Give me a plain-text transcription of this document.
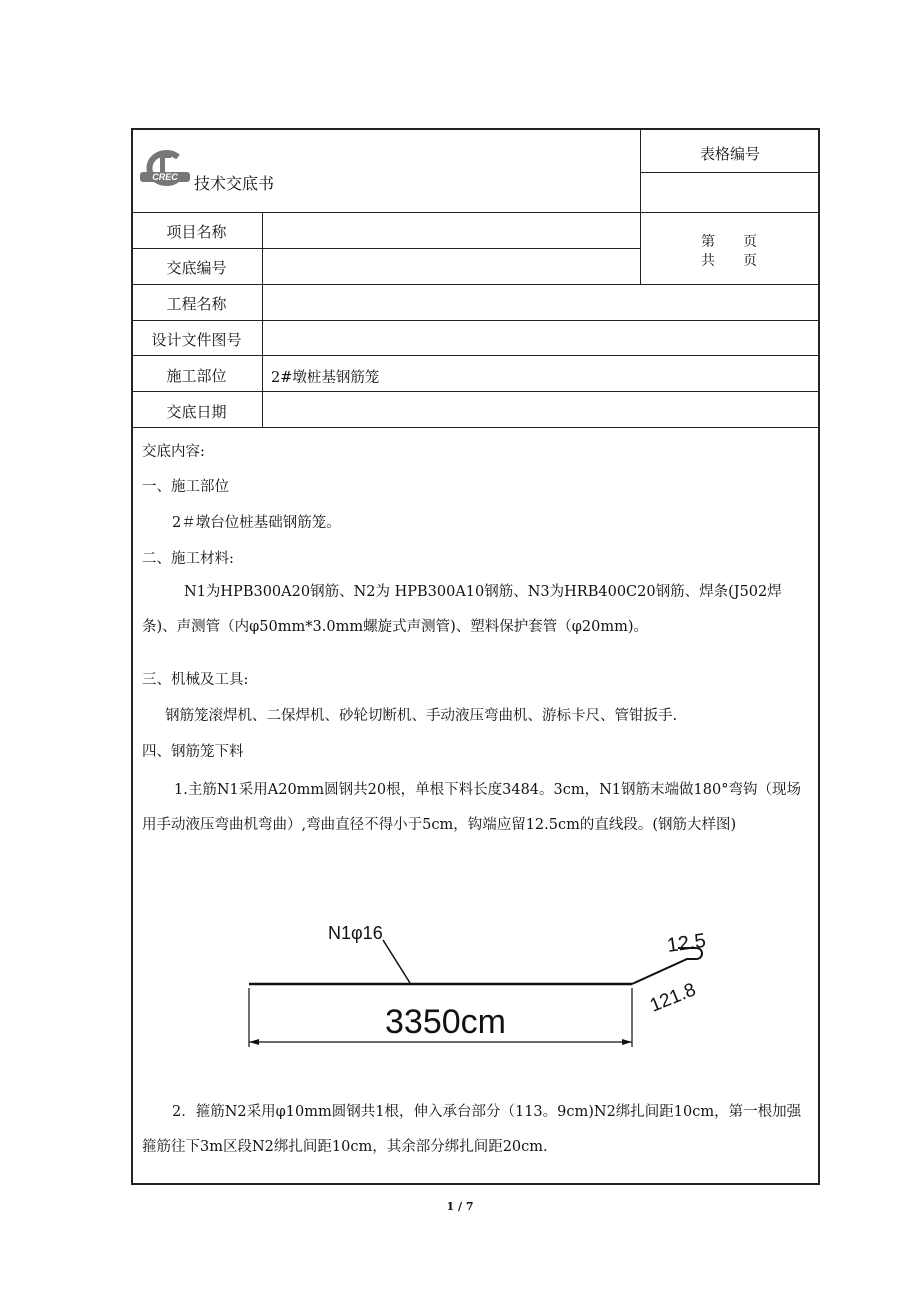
CREC 技术交底书
表格编号
第　　页
共　　页
项目名称
交底编号
工程名称
设计文件图号
施工部位	2#墩桩基钢筋笼
交底日期
交底内容:
一、施工部位
2＃墩台位桩基础钢筋笼。
二、施工材料:
N1为HPB300A20钢筋、N2为 HPB300A10钢筋、N3为HRB400C20钢筋、焊条(J502焊条)、声测管（内φ50mm*3.0mm螺旋式声测管)、塑料保护套管（φ20mm)。
三、机械及工具:
钢筋笼滚焊机、二保焊机、砂轮切断机、手动液压弯曲机、游标卡尺、管钳扳手.
四、钢筋笼下料
1.主筋N1采用A20mm圆钢共20根，单根下料长度3484。3cm，N1钢筋末端做180°弯钩（现场用手动液压弯曲机弯曲）,弯曲直径不得小于5cm，钩端应留12.5cm的直线段。(钢筋大样图)
N1φ16
3350cm
12.5
121.8
2．箍筋N2采用φ10mm圆钢共1根，伸入承台部分（113。9cm)N2绑扎间距10cm，第一根加强箍筋往下3m区段N2绑扎间距10cm，其余部分绑扎间距20cm.
1 / 7
